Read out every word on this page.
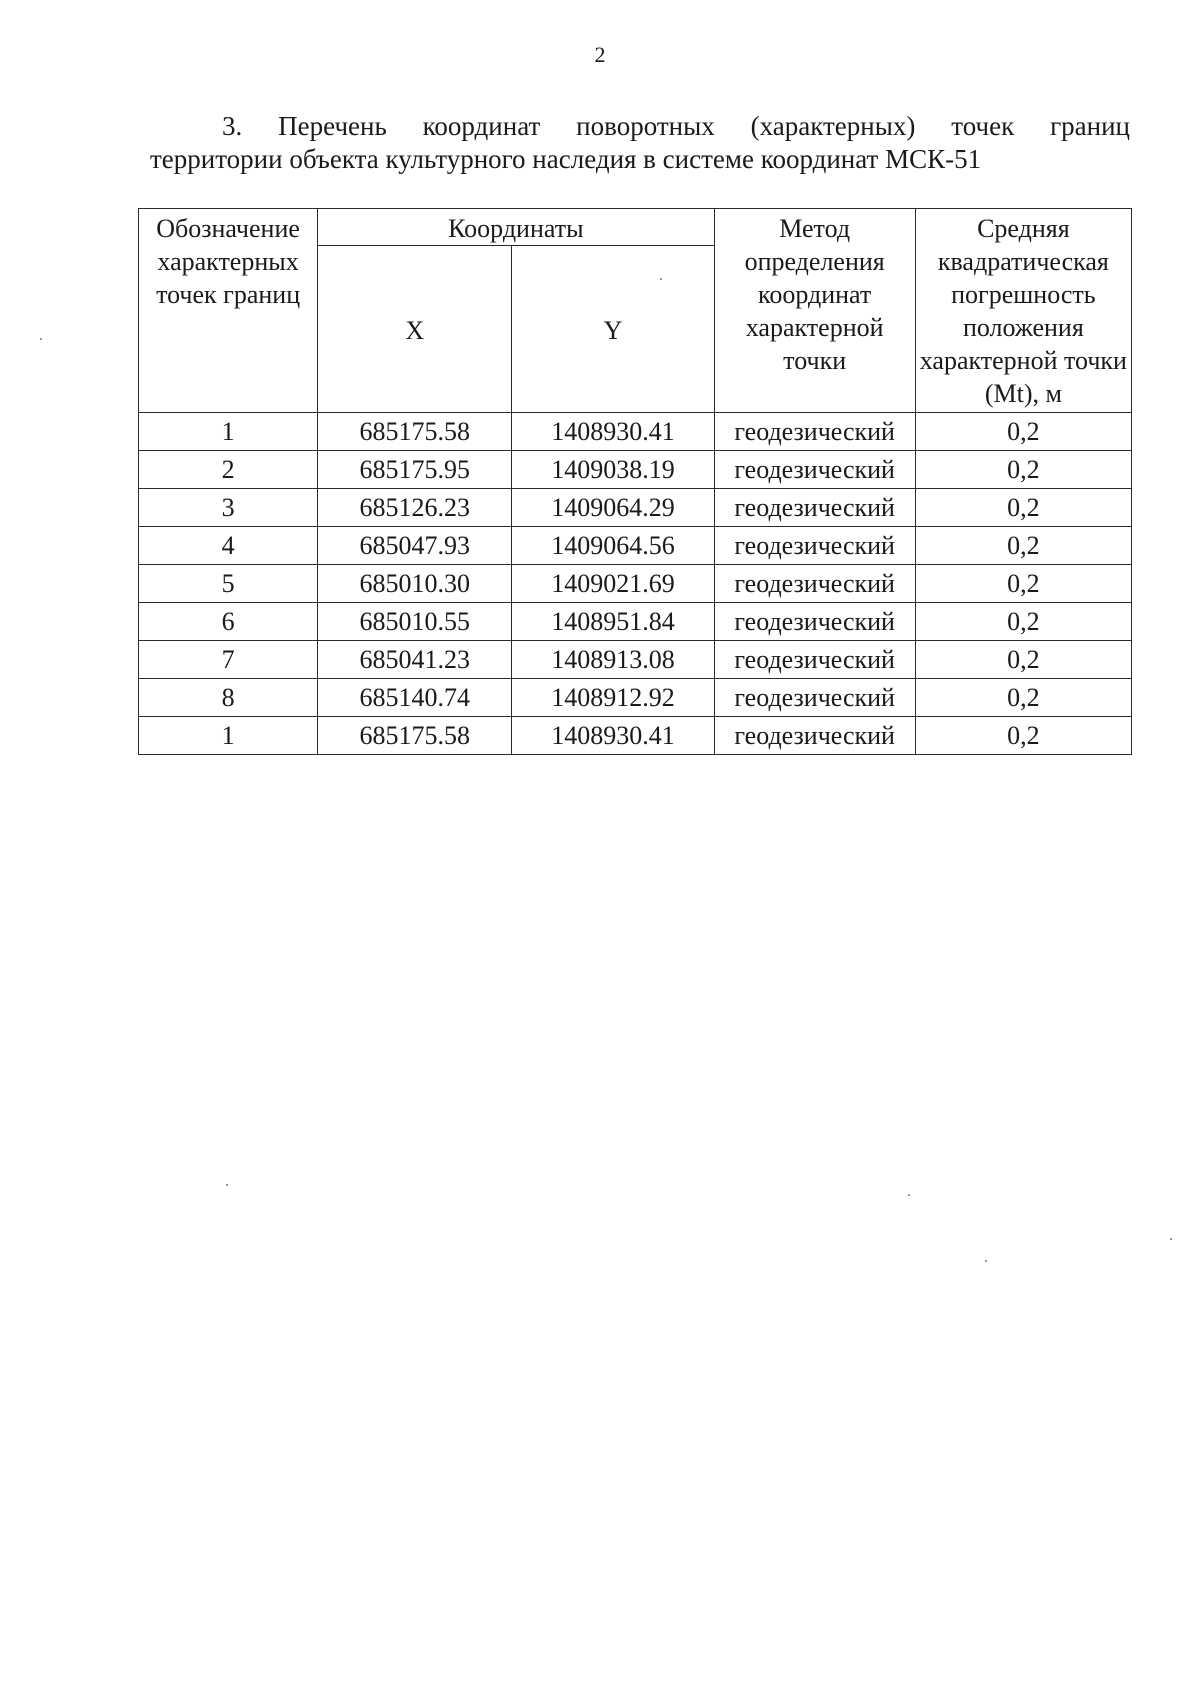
2
3. Перечень координат поворотных (характерных) точек границ
территории объекта культурного наследия в системе координат МСК-51
Обозначение характерных точек границ	Координаты		Метод определения координат характерной точки	Средняя квадратическая погрешность положения характерной точки (Mt), м
	X	Y		
1	685175.58	1408930.41	геодезический	0,2
2	685175.95	1409038.19	геодезический	0,2
3	685126.23	1409064.29	геодезический	0,2
4	685047.93	1409064.56	геодезический	0,2
5	685010.30	1409021.69	геодезический	0,2
6	685010.55	1408951.84	геодезический	0,2
7	685041.23	1408913.08	геодезический	0,2
8	685140.74	1408912.92	геодезический	0,2
1	685175.58	1408930.41	геодезический	0,2
